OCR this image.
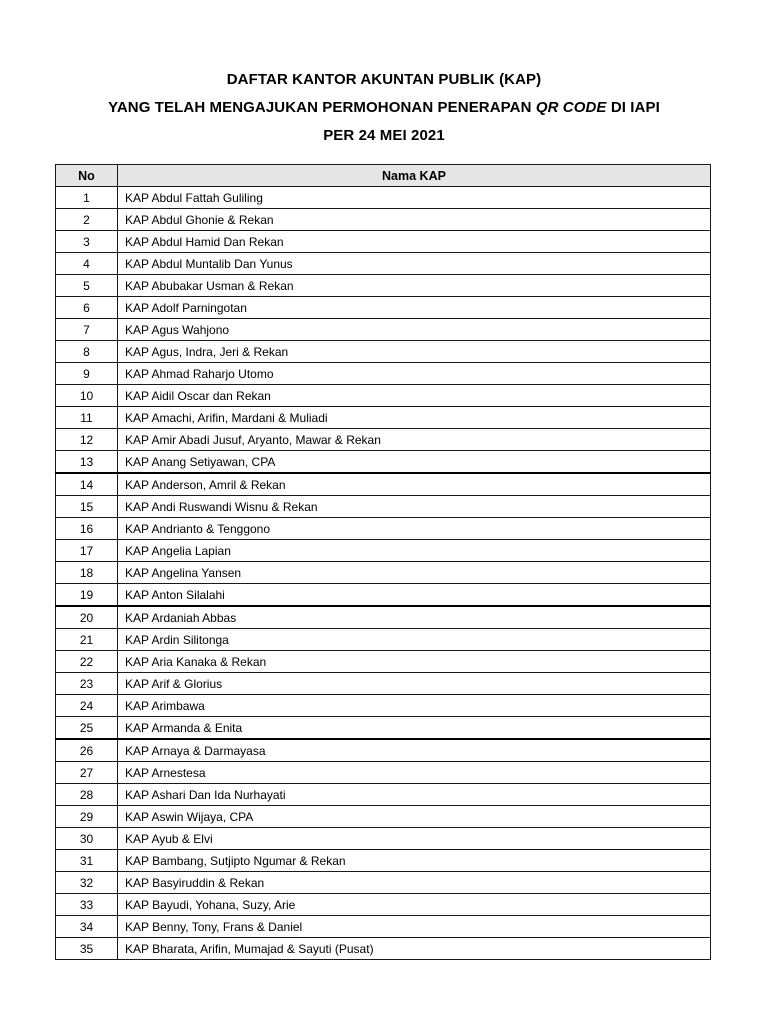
DAFTAR KANTOR AKUNTAN PUBLIK (KAP)
YANG TELAH MENGAJUKAN PERMOHONAN PENERAPAN QR CODE DI IAPI
PER 24 MEI 2021
No	Nama KAP
1	KAP Abdul Fattah Guliling
2	KAP Abdul Ghonie & Rekan
3	KAP Abdul Hamid Dan Rekan
4	KAP Abdul Muntalib Dan Yunus
5	KAP Abubakar Usman & Rekan
6	KAP Adolf Parningotan
7	KAP Agus Wahjono
8	KAP Agus, Indra, Jeri & Rekan
9	KAP Ahmad Raharjo Utomo
10	KAP Aidil Oscar dan Rekan
11	KAP Amachi, Arifin, Mardani & Muliadi
12	KAP Amir Abadi Jusuf, Aryanto, Mawar & Rekan
13	KAP Anang Setiyawan, CPA
14	KAP Anderson, Amril & Rekan
15	KAP Andi Ruswandi Wisnu & Rekan
16	KAP Andrianto & Tenggono
17	KAP Angelia Lapian
18	KAP Angelina Yansen
19	KAP Anton Silalahi
20	KAP Ardaniah Abbas
21	KAP Ardin Silitonga
22	KAP Aria Kanaka & Rekan
23	KAP Arif & Glorius
24	KAP Arimbawa
25	KAP Armanda & Enita
26	KAP Arnaya & Darmayasa
27	KAP Arnestesa
28	KAP Ashari Dan Ida Nurhayati
29	KAP Aswin Wijaya, CPA
30	KAP Ayub & Elvi
31	KAP Bambang, Sutjipto Ngumar & Rekan
32	KAP Basyiruddin & Rekan
33	KAP Bayudi, Yohana, Suzy, Arie
34	KAP Benny, Tony, Frans & Daniel
35	KAP Bharata, Arifin, Mumajad & Sayuti (Pusat)
